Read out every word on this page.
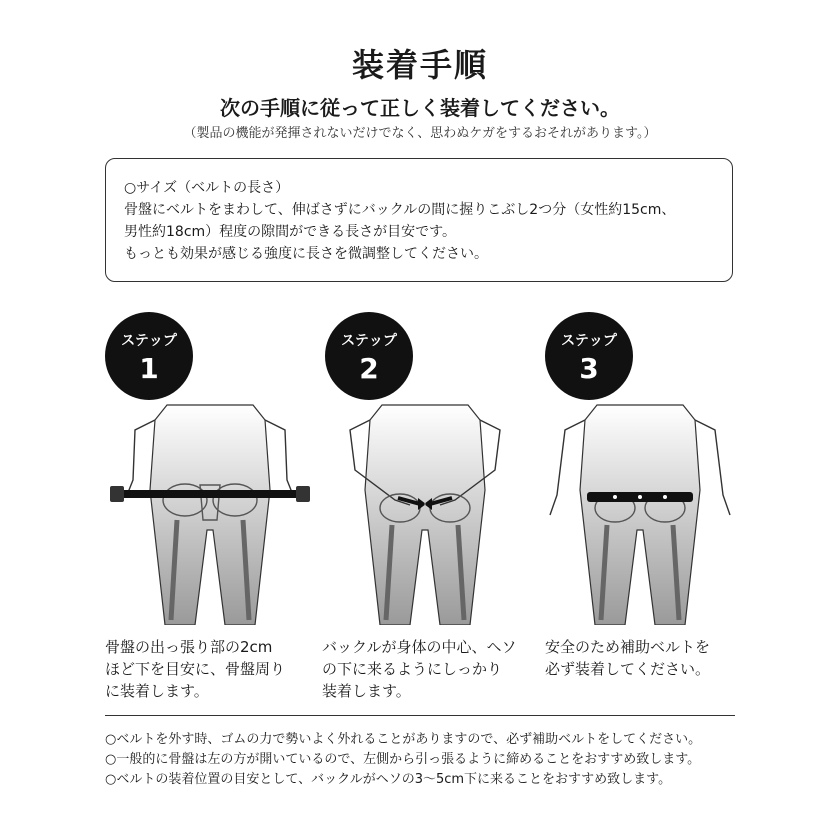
装着手順
次の手順に従って正しく装着してください。
（製品の機能が発揮されないだけでなく、思わぬケガをするおそれがあります。）
○サイズ（ベルトの長さ）
骨盤にベルトをまわして、伸ばさずにバックルの間に握りこぶし2つ分（女性約15cm、
男性約18cm）程度の隙間ができる長さが目安です。
もっとも効果が感じる強度に長さを微調整してください。
ステップ
1
骨盤の出っ張り部の2cm
ほど下を目安に、骨盤周り
に装着します。
ステップ
2
バックルが身体の中心、ヘソ
の下に来るようにしっかり
装着します。
ステップ
3
安全のため補助ベルトを
必ず装着してください。
○ベルトを外す時、ゴムの力で勢いよく外れることがありますので、必ず補助ベルトをしてください。
○一般的に骨盤は左の方が開いているので、左側から引っ張るように締めることをおすすめ致します。
○ベルトの装着位置の目安として、バックルがヘソの3〜5cm下に来ることをおすすめ致します。
